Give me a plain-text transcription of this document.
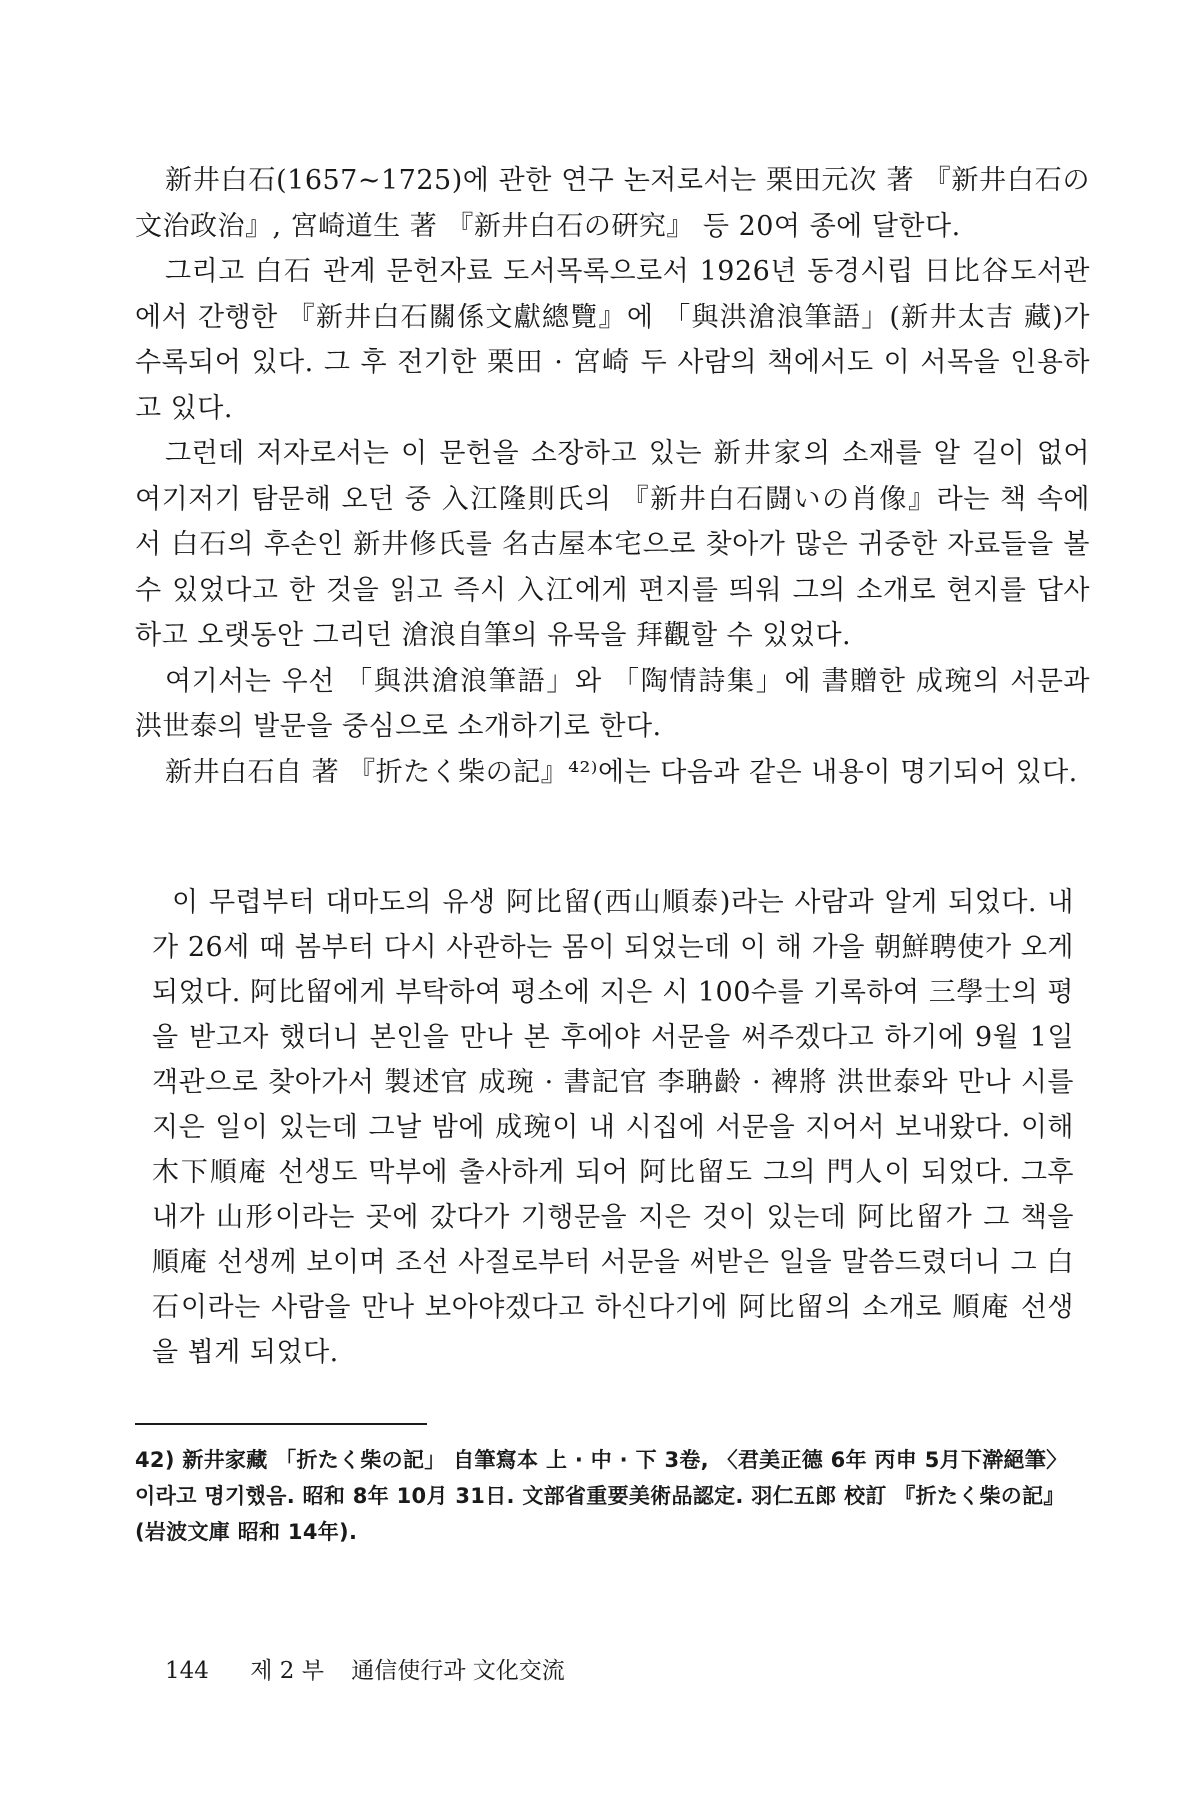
新井白石(1657~1725)에 관한 연구 논저로서는 栗田元次 著 『新井白石の文治政治』, 宮崎道生 著 『新井白石の硏究』 등 20여 종에 달한다.

그리고 白石 관계 문헌자료 도서목록으로서 1926년 동경시립 日比谷도서관에서 간행한 『新井白石關係文獻總覽』에 「與洪滄浪筆語」(新井太吉 藏)가 수록되어 있다. 그 후 전기한 栗田 · 宮崎 두 사람의 책에서도 이 서목을 인용하고 있다.

그런데 저자로서는 이 문헌을 소장하고 있는 新井家의 소재를 알 길이 없어 여기저기 탐문해 오던 중 入江隆則氏의 『新井白石闘いの肖像』라는 책 속에서 白石의 후손인 新井修氏를 名古屋本宅으로 찾아가 많은 귀중한 자료들을 볼 수 있었다고 한 것을 읽고 즉시 入江에게 편지를 띄워 그의 소개로 현지를 답사하고 오랫동안 그리던 滄浪自筆의 유묵을 拜觀할 수 있었다.

여기서는 우선 「與洪滄浪筆語」와 「陶情詩集」에 書贈한 成琬의 서문과 洪世泰의 발문을 중심으로 소개하기로 한다.

新井白石自 著 『折たく柴の記』⁴²⁾에는 다음과 같은 내용이 명기되어 있다.

이 무렵부터 대마도의 유생 阿比留(西山順泰)라는 사람과 알게 되었다. 내가 26세 때 봄부터 다시 사관하는 몸이 되었는데 이 해 가을 朝鮮聘使가 오게 되었다. 阿比留에게 부탁하여 평소에 지은 시 100수를 기록하여 三學士의 평을 받고자 했더니 본인을 만나 본 후에야 서문을 써주겠다고 하기에 9월 1일 객관으로 찾아가서 製述官 成琬 · 書記官 李聃齡 · 裨將 洪世泰와 만나 시를 지은 일이 있는데 그날 밤에 成琬이 내 시집에 서문을 지어서 보내왔다. 이해 木下順庵 선생도 막부에 출사하게 되어 阿比留도 그의 門人이 되었다. 그후 내가 山形이라는 곳에 갔다가 기행문을 지은 것이 있는데 阿比留가 그 책을 順庵 선생께 보이며 조선 사절로부터 서문을 써받은 일을 말씀드렸더니 그 白石이라는 사람을 만나 보아야겠다고 하신다기에 阿比留의 소개로 順庵 선생을 뵙게 되었다.

42) 新井家藏 「折たく柴の記」 自筆寫本 上 · 中 · 下 3卷, 〈君美正德 6年 丙申 5月下澣絕筆〉이라고 명기했음. 昭和 8年 10月 31日. 文部省重要美術品認定. 羽仁五郎 校訂 『折たく柴の記』(岩波文庫 昭和 14年).

144 제 2 부 通信使行과 文化交流
